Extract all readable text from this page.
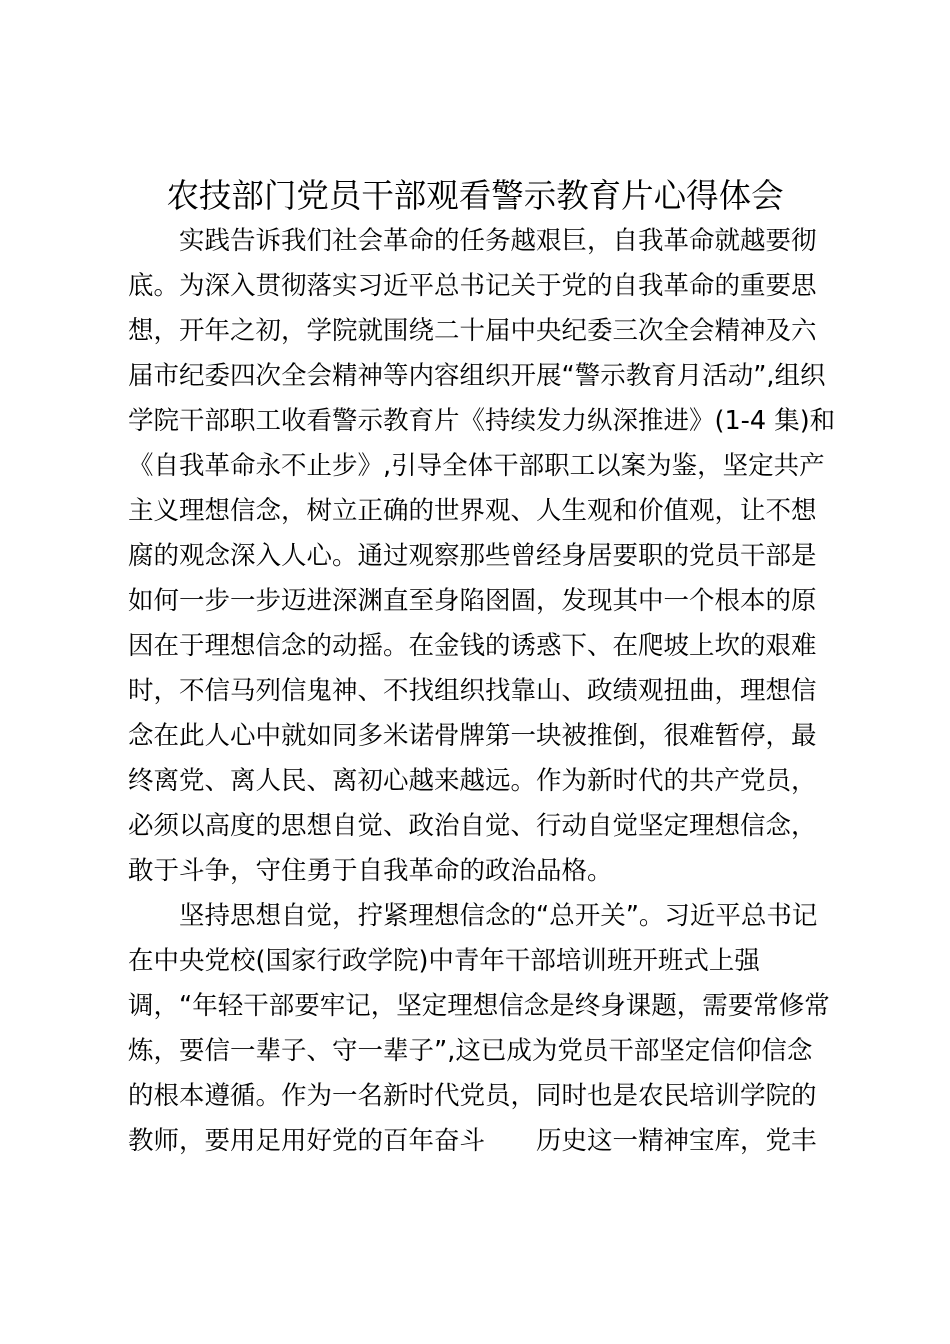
农技部门党员干部观看警示教育片心得体会

实践告诉我们社会革命的任务越艰巨，自我革命就越要彻

底。为深入贯彻落实习近平总书记关于党的自我革命的重要思

想，开年之初，学院就围绕二十届中央纪委三次全会精神及六

届市纪委四次全会精神等内容组织开展“警示教育月活动”,组织

学院干部职工收看警示教育片《持续发力纵深推进》(1-4 集)和

《自我革命永不止步》,引导全体干部职工以案为鉴，坚定共产

主义理想信念，树立正确的世界观、人生观和价值观，让不想

腐的观念深入人心。通过观察那些曾经身居要职的党员干部是

如何一步一步迈进深渊直至身陷囹圄，发现其中一个根本的原

因在于理想信念的动摇。在金钱的诱惑下、在爬坡上坎的艰难

时，不信马列信鬼神、不找组织找靠山、政绩观扭曲，理想信

念在此人心中就如同多米诺骨牌第一块被推倒，很难暂停，最

终离党、离人民、离初心越来越远。作为新时代的共产党员，

必须以高度的思想自觉、政治自觉、行动自觉坚定理想信念，

敢于斗争，守住勇于自我革命的政治品格。

坚持思想自觉，拧紧理想信念的“总开关”。习近平总书记

在中央党校(国家行政学院)中青年干部培训班开班式上强

调，“年轻干部要牢记，坚定理想信念是终身课题，需要常修常

炼，要信一辈子、守一辈子”,这已成为党员干部坚定信仰信念

的根本遵循。作为一名新时代党员，同时也是农民培训学院的

教师，要用足用好党的百年奋斗　　历史这一精神宝库，党丰
